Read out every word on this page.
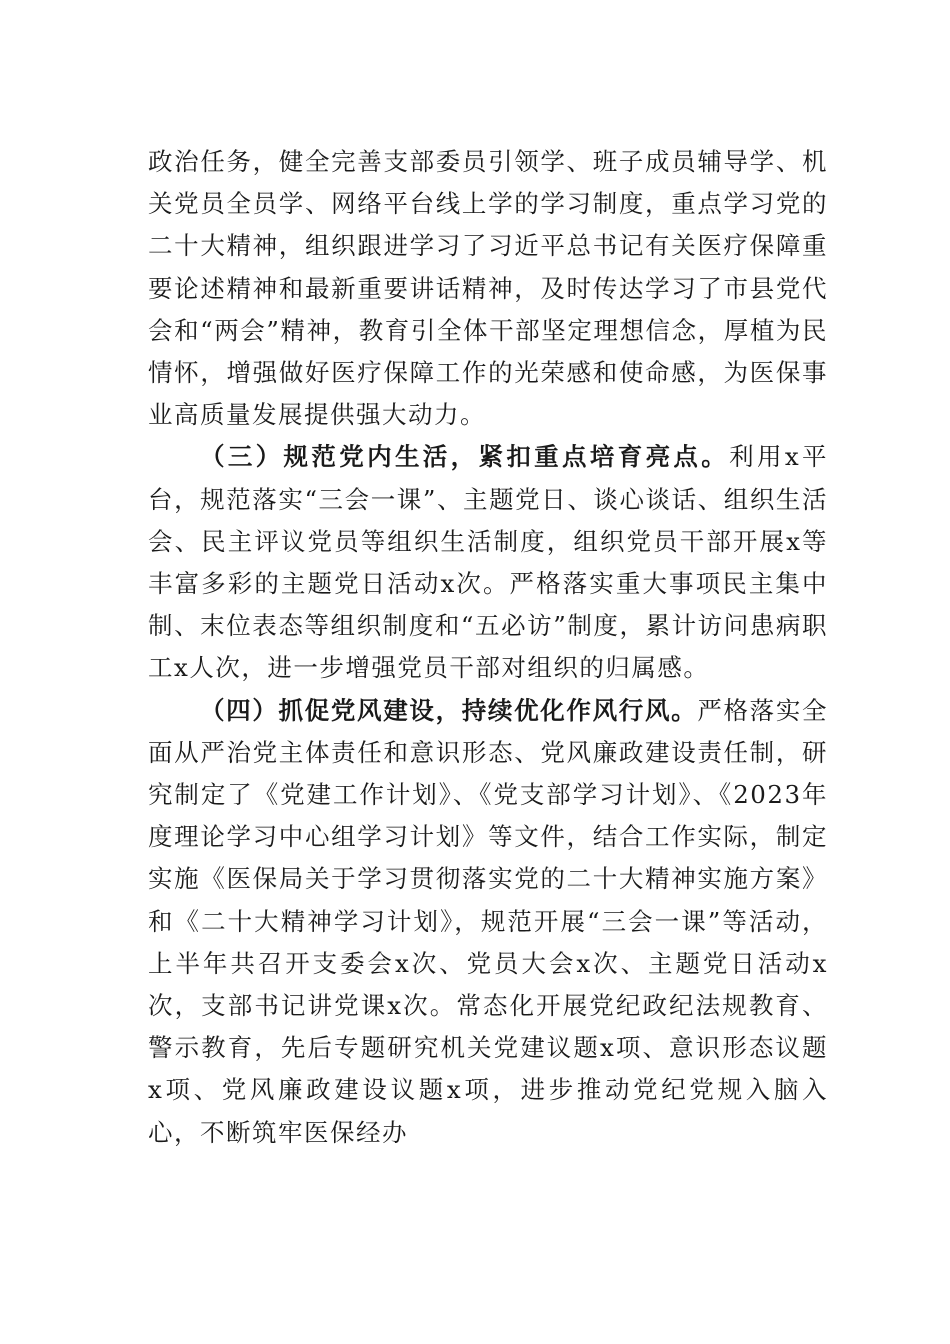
政治任务，健全完善支部委员引领学、班子成员辅导学、机关党员全员学、网络平台线上学的学习制度，重点学习党的二十大精神，组织跟进学习了习近平总书记有关医疗保障重要论述精神和最新重要讲话精神，及时传达学习了市县党代会和“两会”精神，教育引全体干部坚定理想信念，厚植为民情怀，增强做好医疗保障工作的光荣感和使命感，为医保事业高质量发展提供强大动力。

（三）规范党内生活，紧扣重点培育亮点。利用x平台，规范落实“三会一课”、主题党日、谈心谈话、组织生活会、民主评议党员等组织生活制度，组织党员干部开展x等丰富多彩的主题党日活动x次。严格落实重大事项民主集中制、末位表态等组织制度和“五必访”制度，累计访问患病职工x人次，进一步增强党员干部对组织的归属感。

（四）抓促党风建设，持续优化作风行风。严格落实全面从严治党主体责任和意识形态、党风廉政建设责任制，研究制定了《党建工作计划》、《党支部学习计划》、《2023年度理论学习中心组学习计划》等文件，结合工作实际，制定实施《医保局关于学习贯彻落实党的二十大精神实施方案》和《二十大精神学习计划》，规范开展“三会一课”等活动，上半年共召开支委会x次、党员大会x次、主题党日活动x次，支部书记讲党课x次。常态化开展党纪政纪法规教育、警示教育，先后专题研究机关党建议题x项、意识形态议题x项、党风廉政建设议题x项，进步推动党纪党规入脑入心，不断筑牢医保经办
